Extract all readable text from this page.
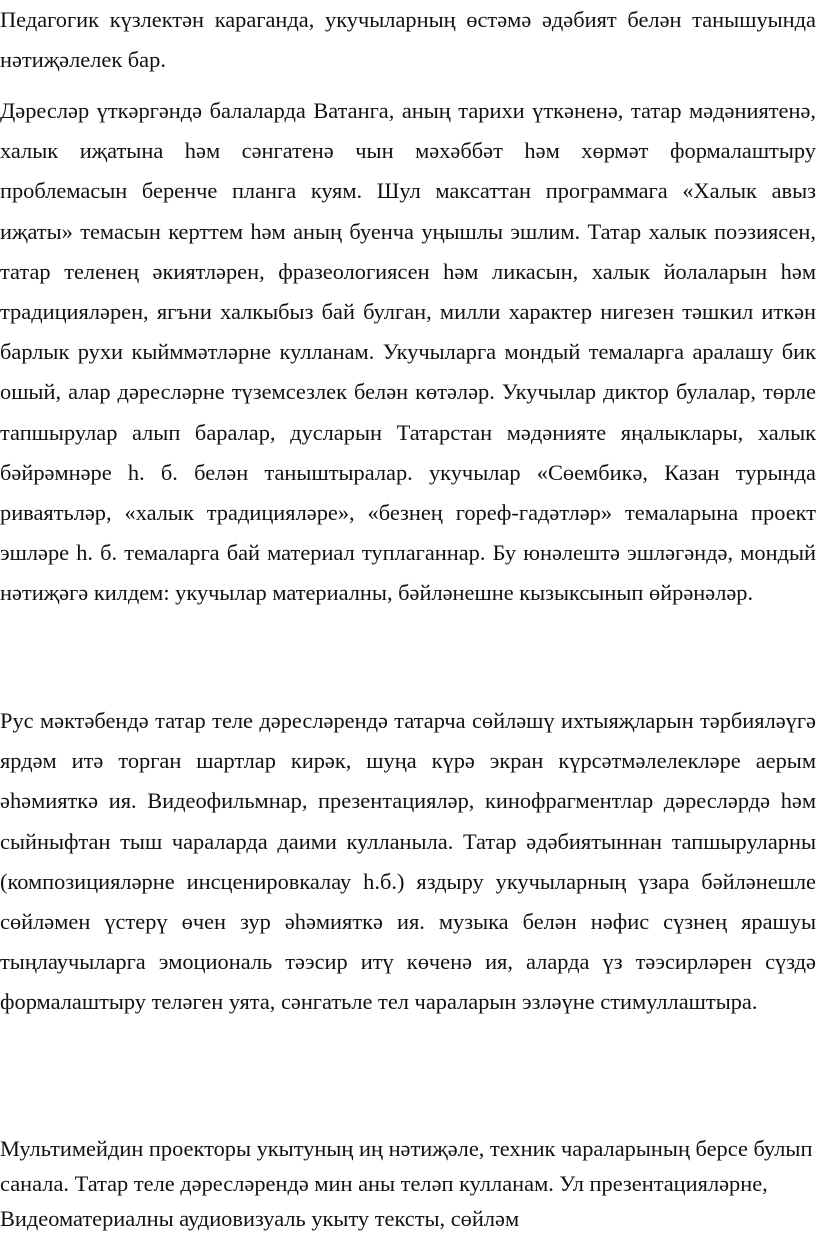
Педагогик күзлектән караганда, укучыларның өстәмә әдәбият белән танышуында нәтиҗәлелек бар.

Дәресләр үткәргәндә балаларда Ватанга, аның тарихи үткәненә, татар мәдәниятенә, халык иҗатына һәм сәнгатенә чын мәхәббәт һәм хөрмәт формалаштыру проблемасын беренче планга куям. Шул максаттан программага «Халык авыз иҗаты» темасын керттем һәм аның буенча уңышлы эшлим. Татар халык поэзиясен, татар теленең әкиятләрен, фразеологиясен һәм ликасын, халык йолаларын һәм традицияләрен, ягъни халкыбыз бай булган, милли характер нигезен тәшкил иткән барлык рухи кыйммәтләрне кулланам. Укучыларга мондый темаларга аралашу бик ошый, алар дәресләрне түземсезлек белән көтәләр. Укучылар диктор булалар, төрле тапшырулар алып баралар, дусларын Татарстан мәдәнияте яңалыклары, халык бәйрәмнәре һ. б. белән таныштыралар. укучылар «Сөембикә, Казан турында риваятьләр, «халык традицияләре», «безнең гореф-гадәтләр» темаларына проект эшләре һ. б. темаларга бай материал туплаганнар. Бу юнәлештә эшләгәндә, мондый нәтиҗәгә килдем: укучылар материалны, бәйләнешне кызыксынып өйрәнәләр.

Рус мәктәбендә татар теле дәресләрендә татарча сөйләшү ихтыяҗларын тәрбияләүгә ярдәм итә торган шартлар кирәк, шуңа күрә экран күрсәтмәлелекләре аерым әһәмияткә ия. Видеофильмнар, презентацияләр, кинофрагментлар дәресләрдә һәм сыйныфтан тыш чараларда даими кулланыла. Татар әдәбиятыннан тапшыруларны (композицияләрне инсценировкалау һ.б.) яздыру укучыларның үзара бәйләнешле сөйләмен үстерү өчен зур әһәмияткә ия. музыка белән нәфис сүзнең ярашуы тыңлаучыларга эмоциональ тәэсир итү көченә ия, аларда үз тәэсирләрен сүздә формалаштыру теләген уята, сәнгатьле тел чараларын эзләүне стимуллаштыра.

Мультимейдин проекторы укытуның иң нәтиҗәле, техник чараларының берсе булып санала. Татар теле дәресләрендә мин аны теләп кулланам. Ул презентацияләрне, Видеоматериалны аудиовизуаль укыту тексты, сөйләм
